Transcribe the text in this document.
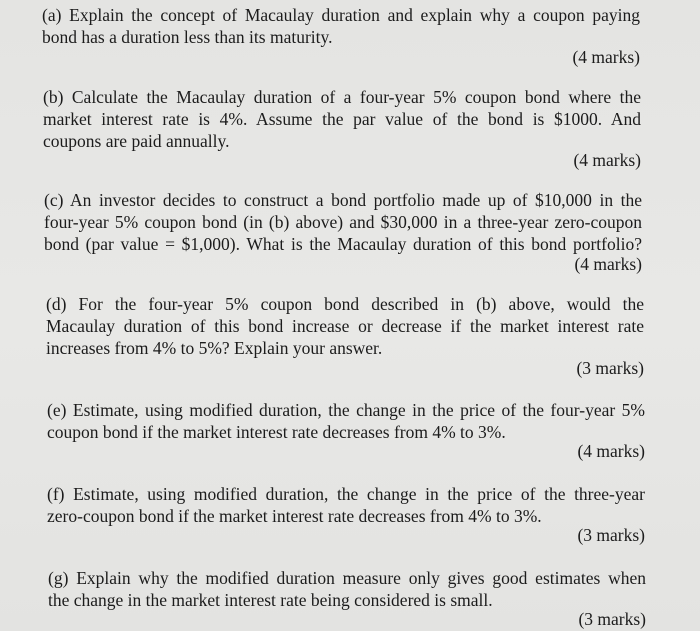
(a) Explain the concept of Macaulay duration and explain why a coupon paying
bond has a duration less than its maturity.
(4 marks)
(b) Calculate the Macaulay duration of a four-year 5% coupon bond where the
market interest rate is 4%. Assume the par value of the bond is $1000. And
coupons are paid annually.
(4 marks)
(c) An investor decides to construct a bond portfolio made up of $10,000 in the
four-year 5% coupon bond (in (b) above) and $30,000 in a three-year zero-coupon
bond (par value = $1,000). What is the Macaulay duration of this bond portfolio?
(4 marks)
(d) For the four-year 5% coupon bond described in (b) above, would the
Macaulay duration of this bond increase or decrease if the market interest rate
increases from 4% to 5%? Explain your answer.
(3 marks)
(e) Estimate, using modified duration, the change in the price of the four-year 5%
coupon bond if the market interest rate decreases from 4% to 3%.
(4 marks)
(f) Estimate, using modified duration, the change in the price of the three-year
zero-coupon bond if the market interest rate decreases from 4% to 3%.
(3 marks)
(g) Explain why the modified duration measure only gives good estimates when
the change in the market interest rate being considered is small.
(3 marks)
